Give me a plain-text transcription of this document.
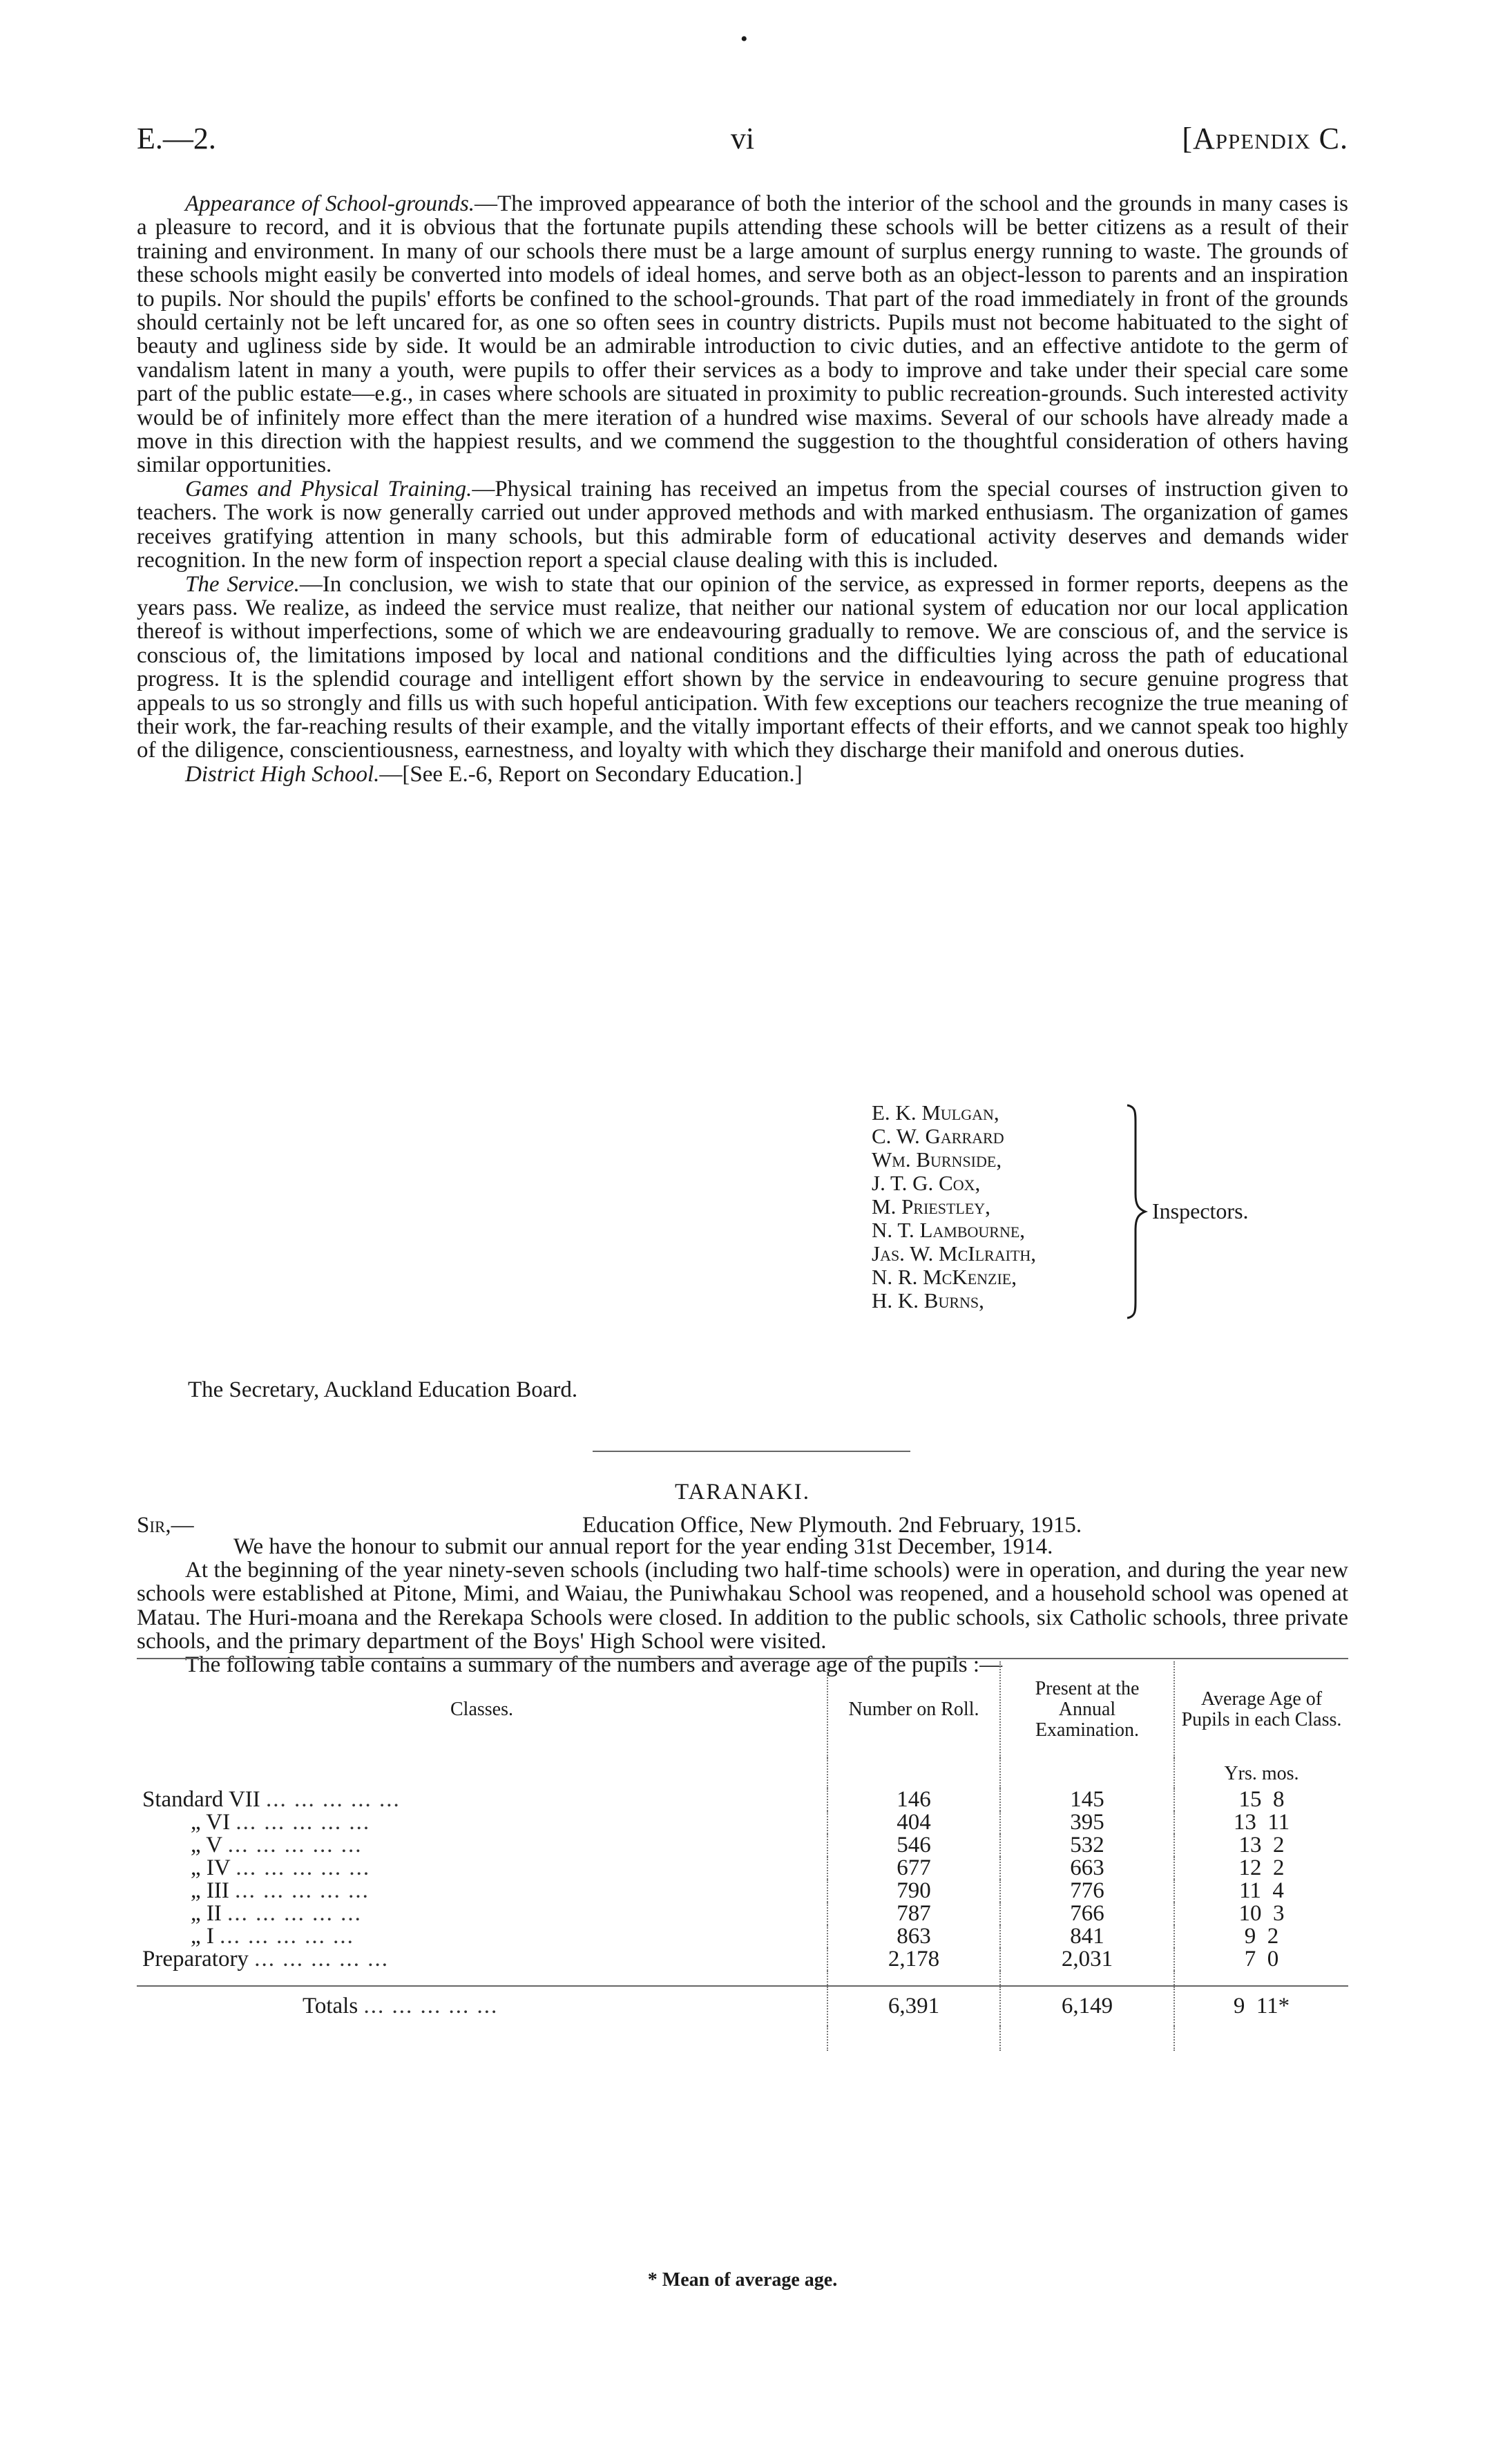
•
E.—2.	vi	[Appendix C.

Appearance of School-grounds.—The improved appearance of both the interior of the school and the grounds in many cases is a pleasure to record, and it is obvious that the fortunate pupils attending these schools will be better citizens as a result of their training and environment. In many of our schools there must be a large amount of surplus energy running to waste. The grounds of these schools might easily be converted into models of ideal homes, and serve both as an object-lesson to parents and an inspiration to pupils. Nor should the pupils' efforts be confined to the school-grounds. That part of the road immediately in front of the grounds should certainly not be left uncared for, as one so often sees in country districts. Pupils must not become habituated to the sight of beauty and ugliness side by side. It would be an admirable introduction to civic duties, and an effective antidote to the germ of vandalism latent in many a youth, were pupils to offer their services as a body to improve and take under their special care some part of the public estate—e.g., in cases where schools are situated in proximity to public recreation-grounds. Such interested activity would be of infinitely more effect than the mere iteration of a hundred wise maxims. Several of our schools have already made a move in this direction with the happiest results, and we commend the suggestion to the thoughtful consideration of others having similar opportunities.

Games and Physical Training.—Physical training has received an impetus from the special courses of instruction given to teachers. The work is now generally carried out under approved methods and with marked enthusiasm. The organization of games receives gratifying attention in many schools, but this admirable form of educational activity deserves and demands wider recognition. In the new form of inspection report a special clause dealing with this is included.

The Service.—In conclusion, we wish to state that our opinion of the service, as expressed in former reports, deepens as the years pass. We realize, as indeed the service must realize, that neither our national system of education nor our local application thereof is without imperfections, some of which we are endeavouring gradually to remove. We are conscious of, and the service is conscious of, the limitations imposed by local and national conditions and the difficulties lying across the path of educational progress. It is the splendid courage and intelligent effort shown by the service in endeavouring to secure genuine progress that appeals to us so strongly and fills us with such hopeful anticipation. With few exceptions our teachers recognize the true meaning of their work, the far-reaching results of their example, and the vitally important effects of their efforts, and we cannot speak too highly of the diligence, conscientiousness, earnestness, and loyalty with which they discharge their manifold and onerous duties.

District High School.—[See E.-6, Report on Secondary Education.]

E. K. Mulgan,
C. W. Garrard
Wm. Burnside,
J. T. G. Cox,
M. Priestley,
N. T. Lambourne,
Jas. W. McIlraith,
N. R. McKenzie,
H. K. Burns,
Inspectors.
The Secretary, Auckland Education Board.
TARANAKI.
Sir,—	Education Office, New Plymouth. 2nd February, 1915.

We have the honour to submit our annual report for the year ending 31st December, 1914.

At the beginning of the year ninety-seven schools (including two half-time schools) were in operation, and during the year new schools were established at Pitone, Mimi, and Waiau, the Puniwhakau School was reopened, and a household school was opened at Matau. The Huri-moana and the Rerekapa Schools were closed. In addition to the public schools, six Catholic schools, three private schools, and the primary department of the Boys' High School were visited.

The following table contains a summary of the numbers and average age of the pupils :—

Classes.	Number on Roll.	Present at the Annual Examination.	Average Age of Pupils in each Class.
			Yrs. mos.
Standard VII ... ... ... ... ...	146	145	15 8
„ VI ... ... ... ... ...	404	395	13 11
„ V ... ... ... ... ...	546	532	13 2
„ IV ... ... ... ... ...	677	663	12 2
„ III ... ... ... ... ...	790	776	11 4
„ II ... ... ... ... ...	787	766	10 3
„ I ... ... ... ... ...	863	841	9 2
Preparatory ... ... ... ... ...	2,178	2,031	7 0

Totals ... ... ... ... ...	6,391	6,149	9 11*

* Mean of average age.
